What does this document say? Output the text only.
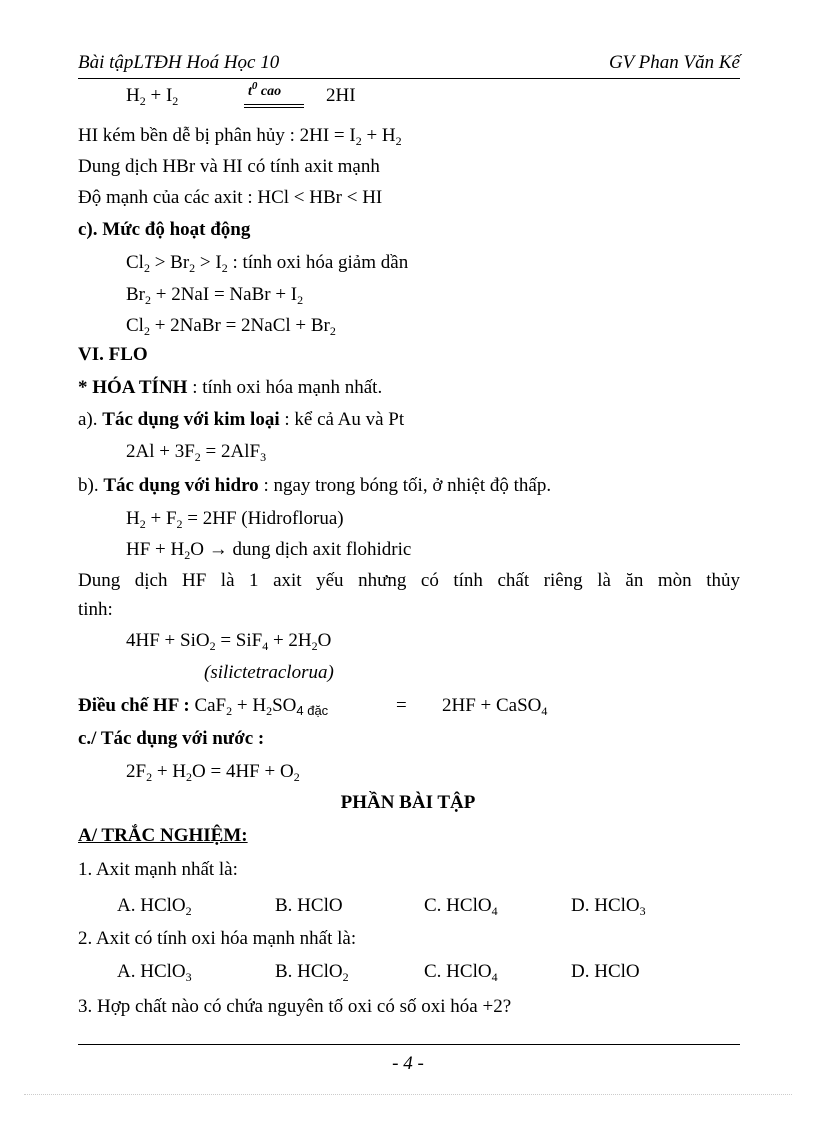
Bài tậpLTĐH Hoá Học 10	GV Phan Văn Kế
$H_2 + I_2$
$t^0$ cao 2HI
HI kém bền dễ bị phân hủy : $2HI = I_2 + H_2$
Dung dịch HBr và HI có tính axit mạnh
Độ mạnh của các axit : HCl < HBr < HI
c). Mức độ hoạt động
$Cl_2 > Br_2 > I_2$ : tính oxi hóa giảm dần
$Br_2 + 2NaI$ = NaBr + $I_2$
$Cl_2$ + 2NaBr = 2NaCl + $Br_2$
VI. FLO
* HÓA TÍNH : tính oxi hóa mạnh nhất.
a). Tác dụng với kim loại : kể cả Au và Pt
$2Al + 3F_2 = 2AlF_3$
b). Tác dụng với hidro : ngay trong bóng tối, ở nhiệt độ thấp.
$H_2 + F_2 = 2HF$ (Hidroflorua)
HF + $H_2O$ → dung dịch axit flohidric
Dung dịch HF là 1 axit yếu nhưng có tính chất riêng là ăn mòn thủy
tinh:
$4HF + SiO_2 = SiF_4 + 2H_2O$
(silictetraclorua)
Điều chế HF : $CaF_2 + H_2SO_{4 đặc}$	= 2HF + CaSO$_4$
c./ Tác dụng với nước :
$2F_2 + H_2O = 4HF + O_2$
PHẦN BÀI TẬP
A/ TRẮC NGHIỆM:
1. Axit mạnh nhất là:
A. HClO$_2$	B. HClO	C. HClO$_4$	D. HClO$_3$
2. Axit có tính oxi hóa mạnh nhất là:
A. HClO$_3$	B. HClO$_2$	C. HClO$_4$	D. HClO
3. Hợp chất nào có chứa nguyên tố oxi có số oxi hóa +2?
- 4 -
